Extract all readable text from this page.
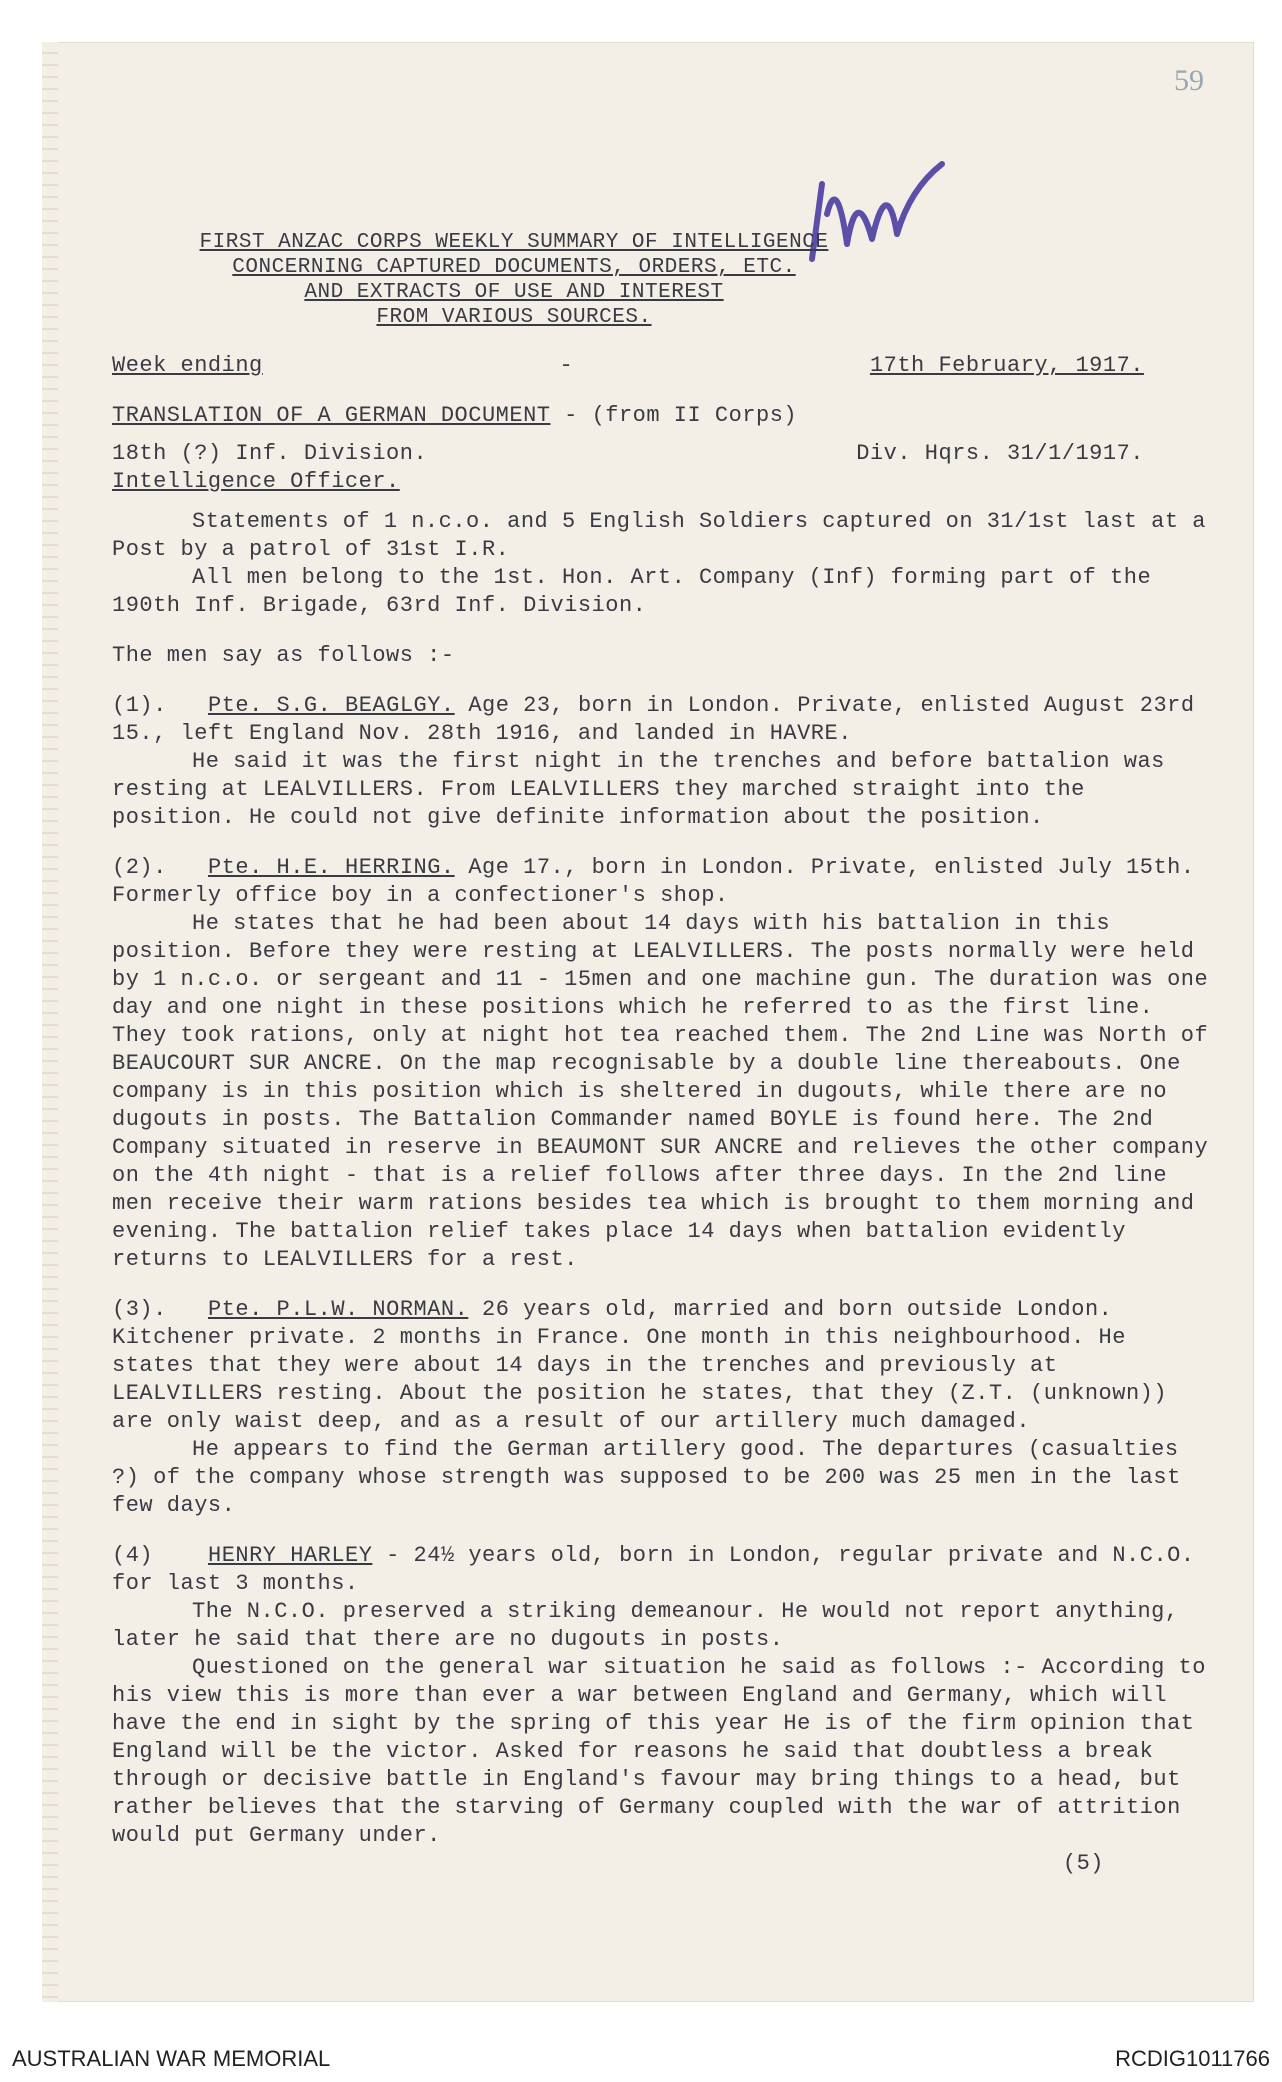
59
FIRST ANZAC CORPS WEEKLY SUMMARY OF INTELLIGENCE
CONCERNING CAPTURED DOCUMENTS, ORDERS, ETC.
AND EXTRACTS OF USE AND INTEREST
FROM VARIOUS SOURCES.
Week ending	-	17th February, 1917.

TRANSLATION OF A GERMAN DOCUMENT - (from II Corps)

18th (?) Inf. Division.	Div. Hqrs. 31/1/1917.

Intelligence Officer.

Statements of 1 n.c.o. and 5 English Soldiers captured on 31/1st last at a Post by a patrol of 31st I.R.

All men belong to the 1st. Hon. Art. Company (Inf) forming part of the 190th Inf. Brigade, 63rd Inf. Division.

The men say as follows :-

(1). Pte. S.G. BEAGLGY. Age 23, born in London. Private, enlisted August 23rd 15., left England Nov. 28th 1916, and landed in HAVRE.

He said it was the first night in the trenches and before battalion was resting at LEALVILLERS. From LEALVILLERS they marched straight into the position. He could not give definite information about the position.

(2). Pte. H.E. HERRING. Age 17., born in London. Private, enlisted July 15th. Formerly office boy in a confectioner's shop.

He states that he had been about 14 days with his battalion in this position. Before they were resting at LEALVILLERS. The posts normally were held by 1 n.c.o. or sergeant and 11 - 15men and one machine gun. The duration was one day and one night in these positions which he referred to as the first line. They took rations, only at night hot tea reached them. The 2nd Line was North of BEAUCOURT SUR ANCRE. On the map recognisable by a double line thereabouts. One company is in this position which is sheltered in dugouts, while there are no dugouts in posts. The Battalion Commander named BOYLE is found here. The 2nd Company situated in reserve in BEAUMONT SUR ANCRE and relieves the other company on the 4th night - that is a relief follows after three days. In the 2nd line men receive their warm rations besides tea which is brought to them morning and evening. The battalion relief takes place 14 days when battalion evidently returns to LEALVILLERS for a rest.

(3). Pte. P.L.W. NORMAN. 26 years old, married and born outside London. Kitchener private. 2 months in France. One month in this neighbourhood. He states that they were about 14 days in the trenches and previously at LEALVILLERS resting. About the position he states, that they (Z.T. (unknown)) are only waist deep, and as a result of our artillery much damaged.

He appears to find the German artillery good. The departures (casualties ?) of the company whose strength was supposed to be 200 was 25 men in the last few days.

(4) HENRY HARLEY - 24½ years old, born in London, regular private and N.C.O. for last 3 months.

The N.C.O. preserved a striking demeanour. He would not report anything, later he said that there are no dugouts in posts.

Questioned on the general war situation he said as follows :- According to his view this is more than ever a war between England and Germany, which will have the end in sight by the spring of this year He is of the firm opinion that England will be the victor. Asked for reasons he said that doubtless a break through or decisive battle in England's favour may bring things to a head, but rather believes that the starving of Germany coupled with the war of attrition would put Germany under.

(5)
AUSTRALIAN WAR MEMORIAL	RCDIG1011766
